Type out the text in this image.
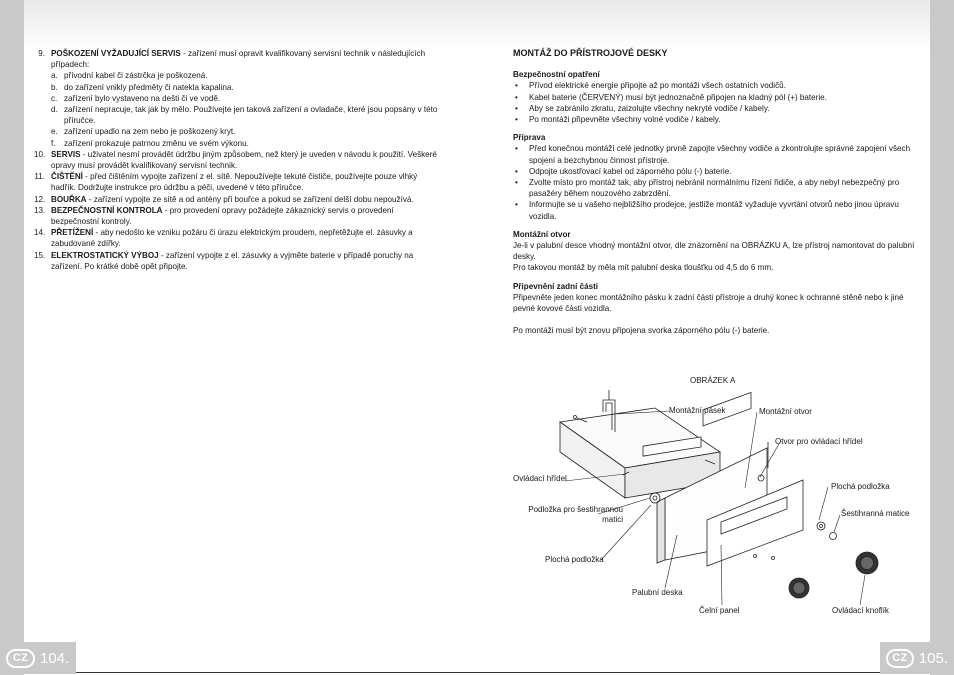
9. POŠKOZENÍ VYŽADUJÍCÍ SERVIS - zařízení musí opravit kvalifikovaný servisní technik v následujících případech:
a. přívodní kabel či zástrčka je poškozená.
b. do zařízení vnikly předměty či natekla kapalina.
c. zařízení bylo vystaveno na dešti či ve vodě.
d. zařízení nepracuje, tak jak by mělo. Používejte jen taková zařízení a ovladače, které jsou popsány v této příručce.
e. zařízení upadlo na zem nebo je poškozený kryt.
f.	zařízení prokazuje patrnou změnu ve svém výkonu.
10. SERVIS - uživatel nesmí provádět údržbu jiným způsobem, než který je uveden v návodu k použití. Veškeré opravy musí provádět kvalifikovaný servisní technik.
11. ČIŠTĚNÍ - před čištěním vypojte zařízení z el. sítě. Nepoužívejte tekuté čističe, používejte pouze vlhký hadřík. Dodržujte instrukce pro údržbu a péči, uvedené v této příručce.
12. BOUŘKA - zařízení vypojte ze sítě a od antény při bouřce a pokud se zařízení delší dobu nepoužívá.
13. BEZPEČNOSTNÍ KONTROLA - pro provedení opravy požádejte zákaznický servis o provedení bezpečnostní kontroly.
14. PŘETÍŽENÍ - aby nedošlo ke vzniku požáru či úrazu elektrickým proudem, nepřetěžujte el. zásuvky a zabudované zdířky.
15. ELEKTROSTATICKÝ VÝBOJ - zařízení vypojte z el. zásuvky a vyjměte baterie v případě poruchy na zařízení. Po krátké době opět připojte.
MONTÁŽ DO PŘÍSTROJOVÉ DESKY
Bezpečnostní opatření
•	Přívod elektrické energie připojte až po montáži všech ostatních vodičů.
•	Kabel baterie (ČERVENÝ) musí být jednoznačně připojen na kladný pól (+) baterie.
•	Aby se zabránilo zkratu, zaizolujte všechny nekryté vodiče / kabely.
•	Po montáži připevněte všechny volné vodiče / kabely.
Příprava
•	Před konečnou montáží celé jednotky prvně zapojte všechny vodiče a zkontrolujte správné zapojení všech spojení a bezchybnou činnost přístroje.
•	Odpojte ukostřovací kabel od záporného pólu (-) baterie.
•	Zvolte místo pro montáž tak, aby přístroj nebránil normálnímu řízení řidiče, a aby nebyl nebezpečný pro pasažéry během nouzového zabrzdění.
•	Informujte se u vašeho nejbližšího prodejce, jestliže montáž vyžaduje vyvrtání otvorů nebo jinou úpravu vozidla.
Montážní otvor
Je-li v palubní desce vhodný montážní otvor, dle znázornění na OBRÁZKU A, lze přístroj namontovat do palubní desky.
Pro takovou montáž by měla mít palubní deska tloušťku od 4,5 do 6 mm.
Připevnění zadní části
Připevněte jeden konec montážního pásku k zadní části přístroje a druhý konec k ochranné stěně nebo k jiné pevné kovové části vozidla.
Po montáži musí být znovu připojena svorka záporného pólu (-) baterie.
OBRÁZEK A
Montážní pásek	Montážní otvor
Otvor pro ovládací hřídel
Ovládací hřídel
Plochá podložka
Podložka pro šestihrannou matici
Šestihranná matice
Plochá podložka
Palubní deska
Čelní panel	Ovládací knoflík
CZ 104.	CZ 105.
